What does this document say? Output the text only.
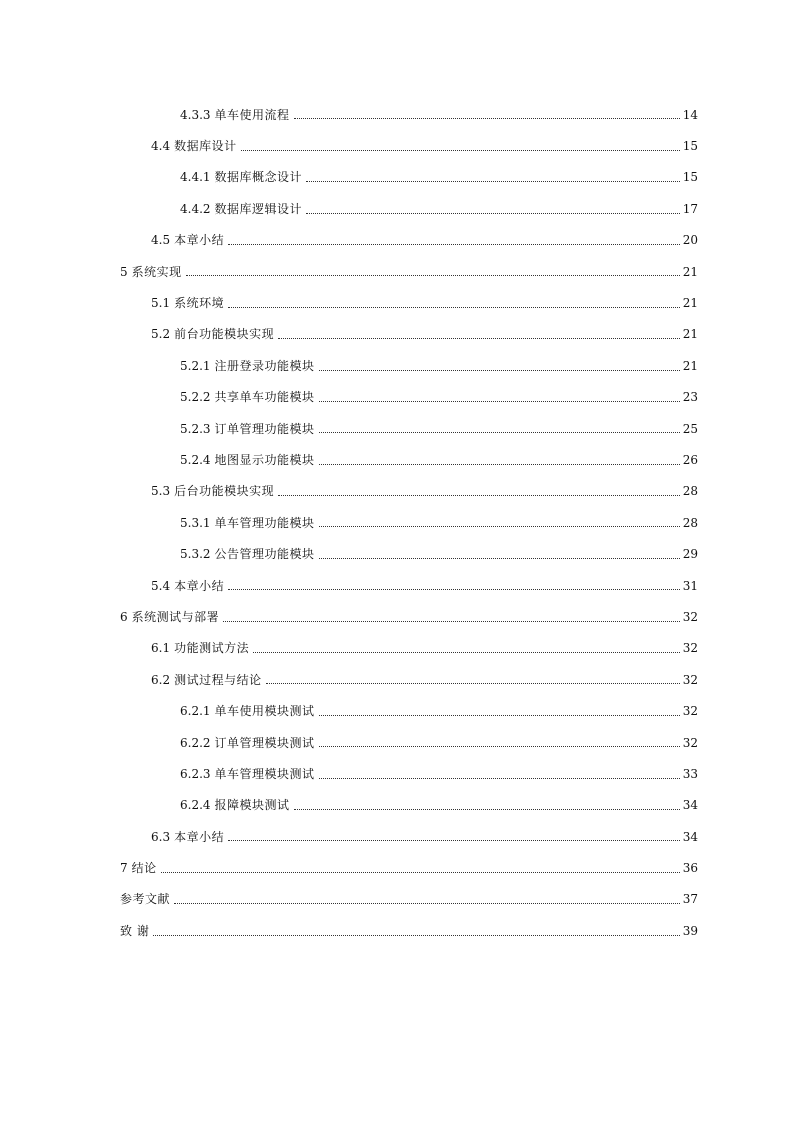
4.3.3 单车使用流程	14
4.4 数据库设计	15
4.4.1 数据库概念设计	15
4.4.2 数据库逻辑设计	17
4.5 本章小结	20
5 系统实现	21
5.1 系统环境	21
5.2 前台功能模块实现	21
5.2.1 注册登录功能模块	21
5.2.2 共享单车功能模块	23
5.2.3 订单管理功能模块	25
5.2.4 地图显示功能模块	26
5.3 后台功能模块实现	28
5.3.1 单车管理功能模块	28
5.3.2 公告管理功能模块	29
5.4 本章小结	31
6 系统测试与部署	32
6.1 功能测试方法	32
6.2 测试过程与结论	32
6.2.1 单车使用模块测试	32
6.2.2 订单管理模块测试	32
6.2.3 单车管理模块测试	33
6.2.4 报障模块测试	34
6.3 本章小结	34
7 结论	36
参考文献	37
致 谢	39
